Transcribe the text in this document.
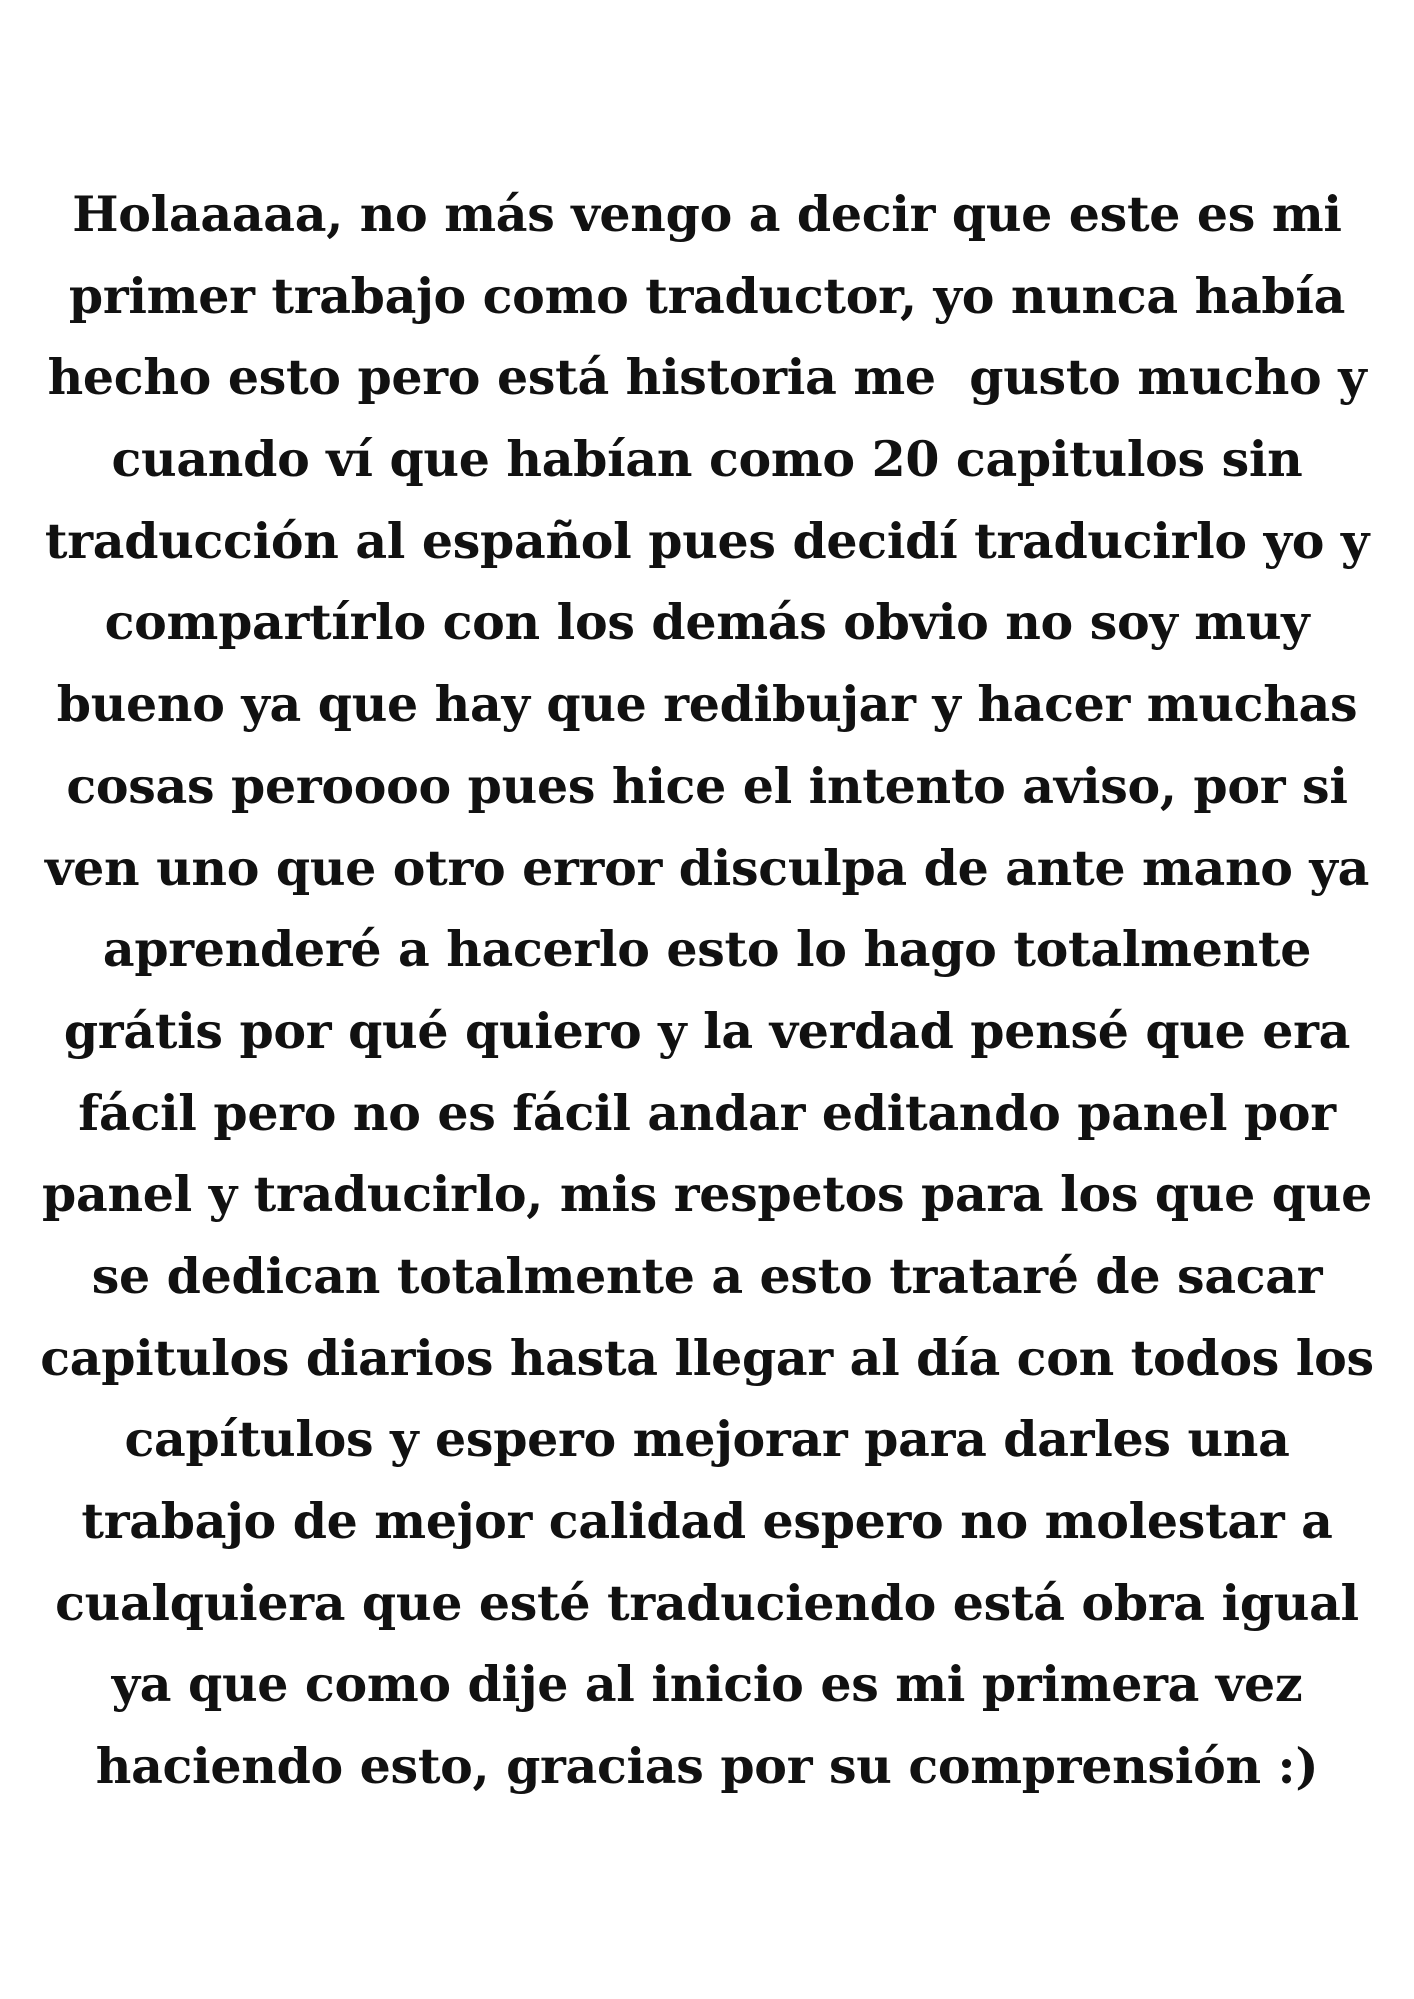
Holaaaaa, no más vengo a decir que este es mi
primer trabajo como traductor, yo nunca había
hecho esto pero está historia me  gusto mucho y
cuando ví que habían como 20 capitulos sin
traducción al español pues decidí traducirlo yo y
compartírlo con los demás obvio no soy muy
bueno ya que hay que redibujar y hacer muchas
cosas peroooo pues hice el intento aviso, por si
ven uno que otro error disculpa de ante mano ya
aprenderé a hacerlo esto lo hago totalmente
grátis por qué quiero y la verdad pensé que era
fácil pero no es fácil andar editando panel por
panel y traducirlo, mis respetos para los que que
se dedican totalmente a esto trataré de sacar
capitulos diarios hasta llegar al día con todos los
capítulos y espero mejorar para darles una
trabajo de mejor calidad espero no molestar a
cualquiera que esté traduciendo está obra igual
ya que como dije al inicio es mi primera vez
haciendo esto, gracias por su comprensión :)
